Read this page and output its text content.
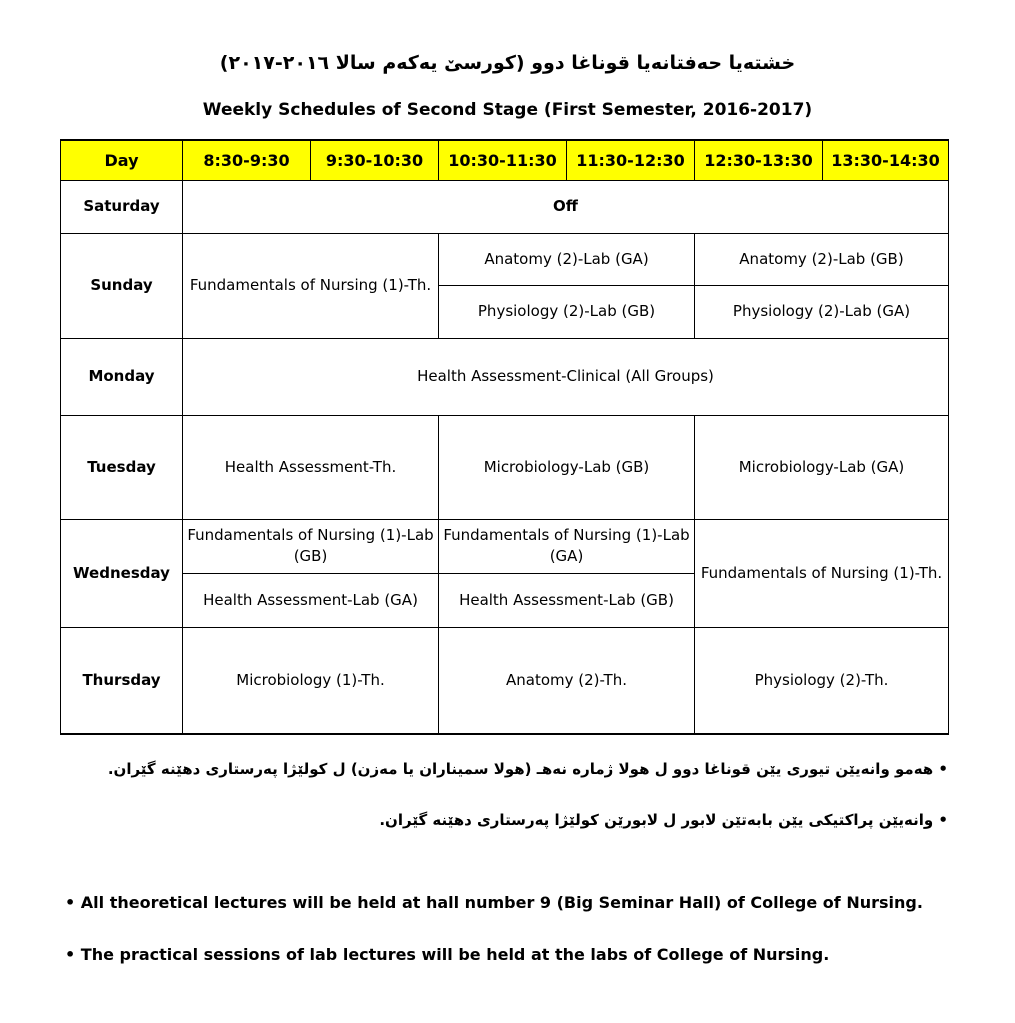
خشتەیا حەفتانەیا قوناغا دوو (کورسێ یەکەم سالا ٢٠١٦-٢٠١٧)
Weekly Schedules of Second Stage (First Semester, 2016-2017)
Day	8:30-9:30	9:30-10:30	10:30-11:30	11:30-12:30	12:30-13:30	13:30-14:30
Saturday	Off					
Sunday	Fundamentals of Nursing (1)-Th.		Anatomy (2)-Lab (GA)		Anatomy (2)-Lab (GB)	
			Physiology (2)-Lab (GB)		Physiology (2)-Lab (GA)	
Monday	Health Assessment-Clinical (All Groups)					
Tuesday	Health Assessment-Th.		Microbiology-Lab (GB)		Microbiology-Lab (GA)	
Wednesday	Fundamentals of Nursing (1)-Lab (GB)		Fundamentals of Nursing (1)-Lab (GA)		Fundamentals of Nursing (1)-Th.	
	Health Assessment-Lab (GA)		Health Assessment-Lab (GB)			
Thursday	Microbiology (1)-Th.		Anatomy (2)-Th.		Physiology (2)-Th.	
• هەمو وانەیێن تیوری یێن قوناغا دوو ل هولا ژمارە نەهـ (هولا سمیناران یا مەزن) ل کولێژا پەرستاری دهێنە گێران.
• وانەیێن پراکتیکی یێن بابەتێن لابور ل لابورێن کولێژا پەرستاری دهێنە گێران.
• All theoretical lectures will be held at hall number 9 (Big Seminar Hall) of College of Nursing.
• The practical sessions of lab lectures will be held at the labs of College of Nursing.
